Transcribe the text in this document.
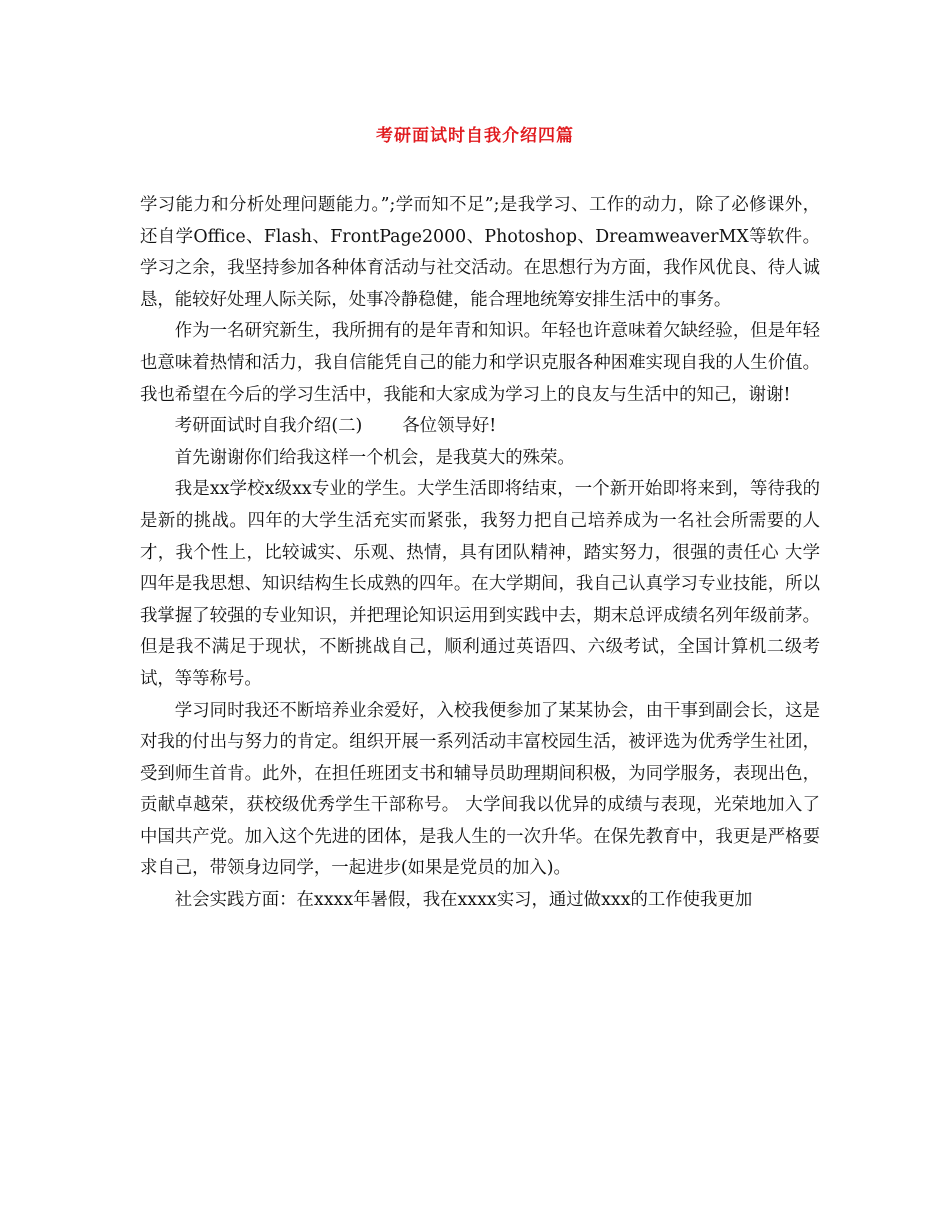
考研面试时自我介绍四篇

学习能力和分析处理问题能力。”;学而知不足”;是我学习、工作的动力，除了必修课外，还自学Office、Flash、FrontPage2000、Photoshop、DreamweaverMX等软件。学习之余，我坚持参加各种体育活动与社交活动。在思想行为方面，我作风优良、待人诚恳，能较好处理人际关际，处事冷静稳健，能合理地统筹安排生活中的事务。

作为一名研究新生，我所拥有的是年青和知识。年轻也许意味着欠缺经验，但是年轻也意味着热情和活力，我自信能凭自己的能力和学识克服各种困难实现自我的人生价值。我也希望在今后的学习生活中，我能和大家成为学习上的良友与生活中的知己，谢谢!

考研面试时自我介绍(二) 各位领导好!

首先谢谢你们给我这样一个机会，是我莫大的殊荣。

我是xx学校x级xx专业的学生。大学生活即将结束，一个新开始即将来到，等待我的是新的挑战。四年的大学生活充实而紧张，我努力把自己培养成为一名社会所需要的人才，我个性上，比较诚实、乐观、热情，具有团队精神，踏实努力，很强的责任心 大学四年是我思想、知识结构生长成熟的四年。在大学期间，我自己认真学习专业技能，所以我掌握了较强的专业知识，并把理论知识运用到实践中去，期末总评成绩名列年级前茅。但是我不满足于现状，不断挑战自己，顺利通过英语四、六级考试，全国计算机二级考试，等等称号。

学习同时我还不断培养业余爱好，入校我便参加了某某协会，由干事到副会长，这是对我的付出与努力的肯定。组织开展一系列活动丰富校园生活，被评选为优秀学生社团，受到师生首肯。此外，在担任班团支书和辅导员助理期间积极，为同学服务，表现出色，贡献卓越荣，获校级优秀学生干部称号。 大学间我以优异的成绩与表现，光荣地加入了中国共产党。加入这个先进的团体，是我人生的一次升华。在保先教育中，我更是严格要求自己，带领身边同学，一起进步(如果是党员的加入)。

社会实践方面：在xxxx年暑假，我在xxxx实习，通过做xxx的工作使我更加
